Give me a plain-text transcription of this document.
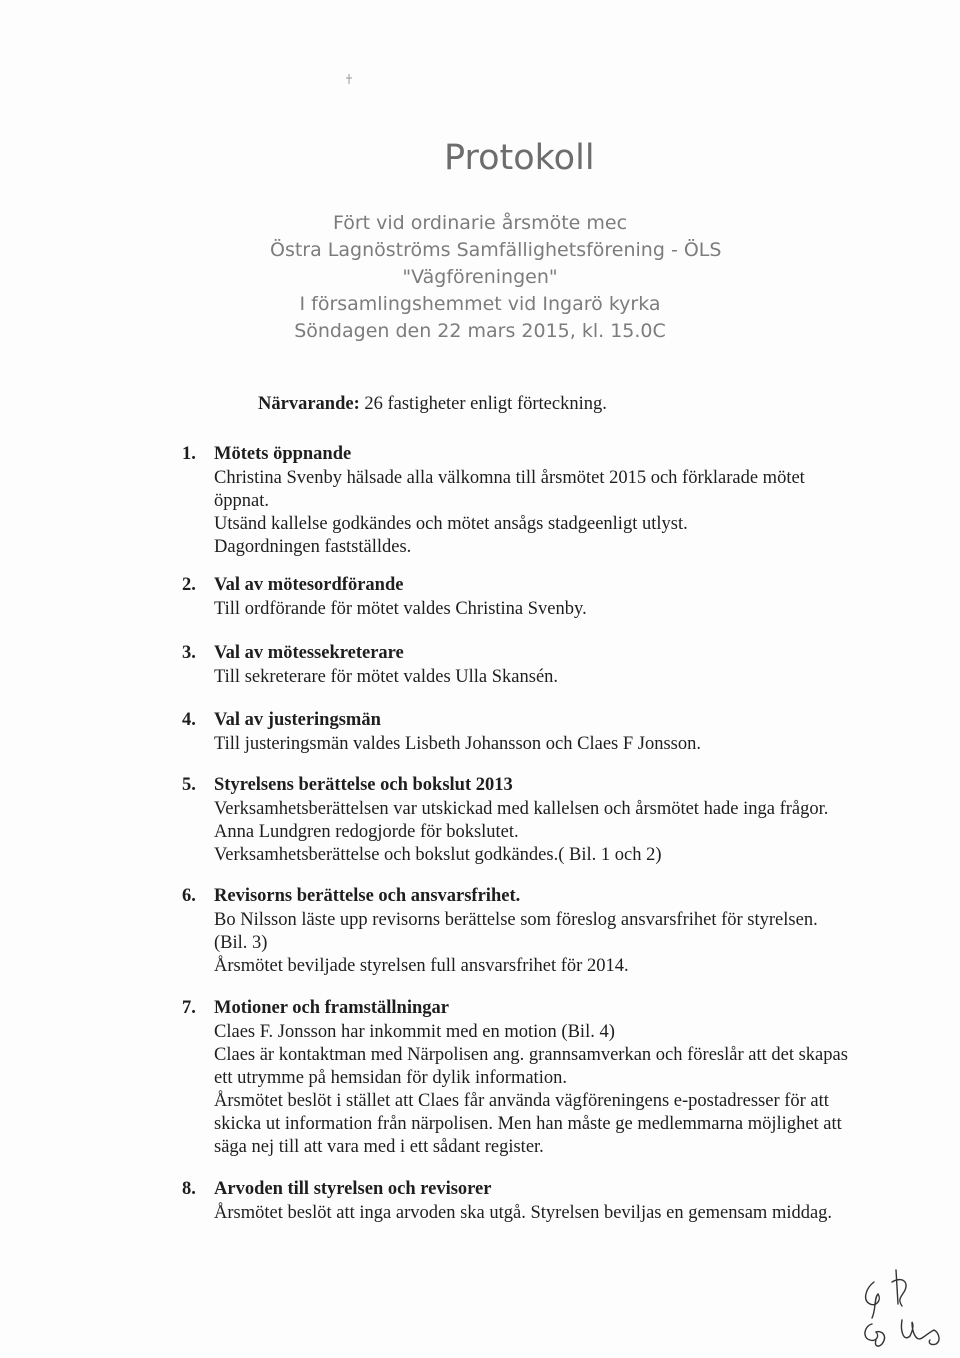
Protokoll
Fört vid ordinarie årsmöte mec
Östra Lagnöströms Samfällighetsförening - ÖLS
"Vägföreningen"
I församlingshemmet vid Ingarö kyrka
Söndagen den 22 mars 2015, kl. 15.0C
Närvarande: 26 fastigheter enligt förteckning.
1. Mötets öppnande
Christina Svenby hälsade alla välkomna till årsmötet 2015 och förklarade mötet
öppnat.
Utsänd kallelse godkändes och mötet ansågs stadgeenligt utlyst.
Dagordningen fastställdes.
2. Val av mötesordförande
Till ordförande för mötet valdes Christina Svenby.
3. Val av mötessekreterare
Till sekreterare för mötet valdes Ulla Skansén.
4. Val av justeringsmän
Till justeringsmän valdes Lisbeth Johansson och Claes F Jonsson.
5. Styrelsens berättelse och bokslut 2013
Verksamhetsberättelsen var utskickad med kallelsen och årsmötet hade inga frågor.
Anna Lundgren redogjorde för bokslutet.
Verksamhetsberättelse och bokslut godkändes.( Bil. 1 och 2)
6. Revisorns berättelse och ansvarsfrihet.
Bo Nilsson läste upp revisorns berättelse som föreslog ansvarsfrihet för styrelsen.
(Bil. 3)
Årsmötet beviljade styrelsen full ansvarsfrihet för 2014.
7. Motioner och framställningar
Claes F. Jonsson har inkommit med en motion (Bil. 4)
Claes är kontaktman med Närpolisen ang. grannsamverkan och föreslår att det skapas
ett utrymme på hemsidan för dylik information.
Årsmötet beslöt i stället att Claes får använda vägföreningens e-postadresser för att
skicka ut information från närpolisen. Men han måste ge medlemmarna möjlighet att
säga nej till att vara med i ett sådant register.
8. Arvoden till styrelsen och revisorer
Årsmötet beslöt att inga arvoden ska utgå. Styrelsen beviljas en gemensam middag.
